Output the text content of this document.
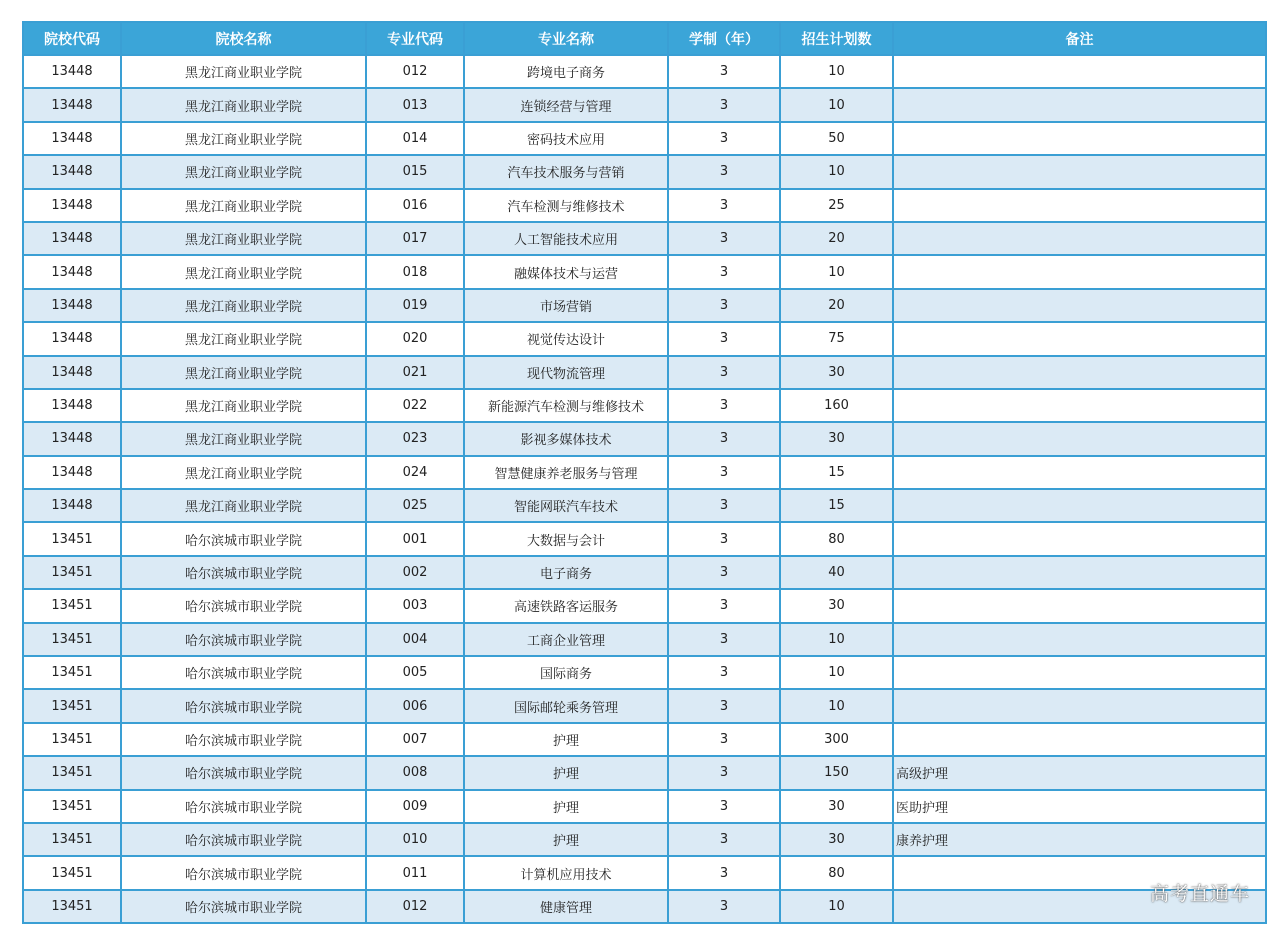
院校代码	院校名称	专业代码	专业名称	学制（年）	招生计划数	备注
13448	黑龙江商业职业学院	012	跨境电子商务	3	10	
13448	黑龙江商业职业学院	013	连锁经营与管理	3	10	
13448	黑龙江商业职业学院	014	密码技术应用	3	50	
13448	黑龙江商业职业学院	015	汽车技术服务与营销	3	10	
13448	黑龙江商业职业学院	016	汽车检测与维修技术	3	25	
13448	黑龙江商业职业学院	017	人工智能技术应用	3	20	
13448	黑龙江商业职业学院	018	融媒体技术与运营	3	10	
13448	黑龙江商业职业学院	019	市场营销	3	20	
13448	黑龙江商业职业学院	020	视觉传达设计	3	75	
13448	黑龙江商业职业学院	021	现代物流管理	3	30	
13448	黑龙江商业职业学院	022	新能源汽车检测与维修技术	3	160	
13448	黑龙江商业职业学院	023	影视多媒体技术	3	30	
13448	黑龙江商业职业学院	024	智慧健康养老服务与管理	3	15	
13448	黑龙江商业职业学院	025	智能网联汽车技术	3	15	
13451	哈尔滨城市职业学院	001	大数据与会计	3	80	
13451	哈尔滨城市职业学院	002	电子商务	3	40	
13451	哈尔滨城市职业学院	003	高速铁路客运服务	3	30	
13451	哈尔滨城市职业学院	004	工商企业管理	3	10	
13451	哈尔滨城市职业学院	005	国际商务	3	10	
13451	哈尔滨城市职业学院	006	国际邮轮乘务管理	3	10	
13451	哈尔滨城市职业学院	007	护理	3	300	
13451	哈尔滨城市职业学院	008	护理	3	150	高级护理
13451	哈尔滨城市职业学院	009	护理	3	30	医助护理
13451	哈尔滨城市职业学院	010	护理	3	30	康养护理
13451	哈尔滨城市职业学院	011	计算机应用技术	3	80	
13451	哈尔滨城市职业学院	012	健康管理	3	10	
高考直通车
